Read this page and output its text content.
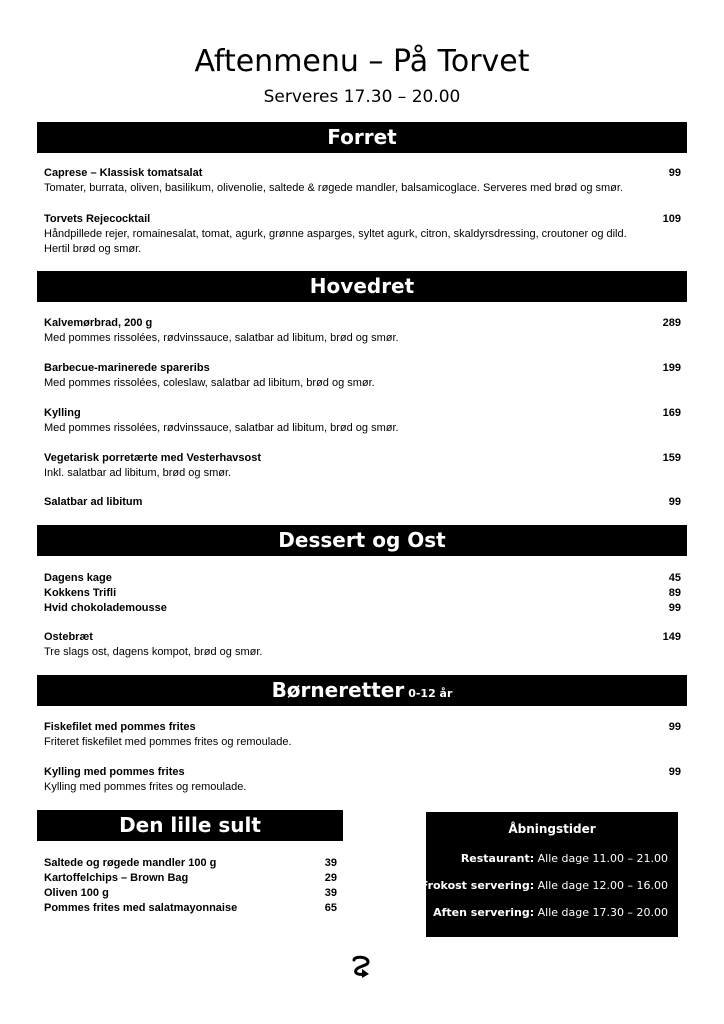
Aftenmenu – På Torvet
Serveres 17.30 – 20.00
Forret
Caprese – Klassisk tomatsalat	99
Tomater, burrata, oliven, basilikum, olivenolie, saltede & røgede mandler, balsamicoglace. Serveres med brød og smør.
Torvets Rejecocktail	109
Håndpillede rejer, romainesalat, tomat, agurk, grønne asparges, syltet agurk, citron, skaldyrsdressing, croutoner og dild.
Hertil brød og smør.
Hovedret
Kalvemørbrad, 200 g	289
Med pommes rissolées, rødvinssauce, salatbar ad libitum, brød og smør.
Barbecue-marinerede spareribs	199
Med pommes rissolées, coleslaw, salatbar ad libitum, brød og smør.
Kylling	169
Med pommes rissolées, rødvinssauce, salatbar ad libitum, brød og smør.
Vegetarisk porretærte med Vesterhavsost	159
Inkl. salatbar ad libitum, brød og smør.
Salatbar ad libitum	99
Dessert og Ost
Dagens kage	45
Kokkens Trifli	89
Hvid chokolademousse	99
Ostebræt	149
Tre slags ost, dagens kompot, brød og smør.
Børneretter 0-12 år
Fiskefilet med pommes frites	99
Friteret fiskefilet med pommes frites og remoulade.
Kylling med pommes frites	99
Kylling med pommes frites og remoulade.
Den lille sult
Saltede og røgede mandler 100 g	39
Kartoffelchips – Brown Bag	29
Oliven 100 g	39
Pommes frites med salatmayonnaise	65
Åbningstider
Restaurant: Alle dage 11.00 – 21.00
Frokost servering: Alle dage 12.00 – 16.00
Aften servering: Alle dage 17.30 – 20.00
